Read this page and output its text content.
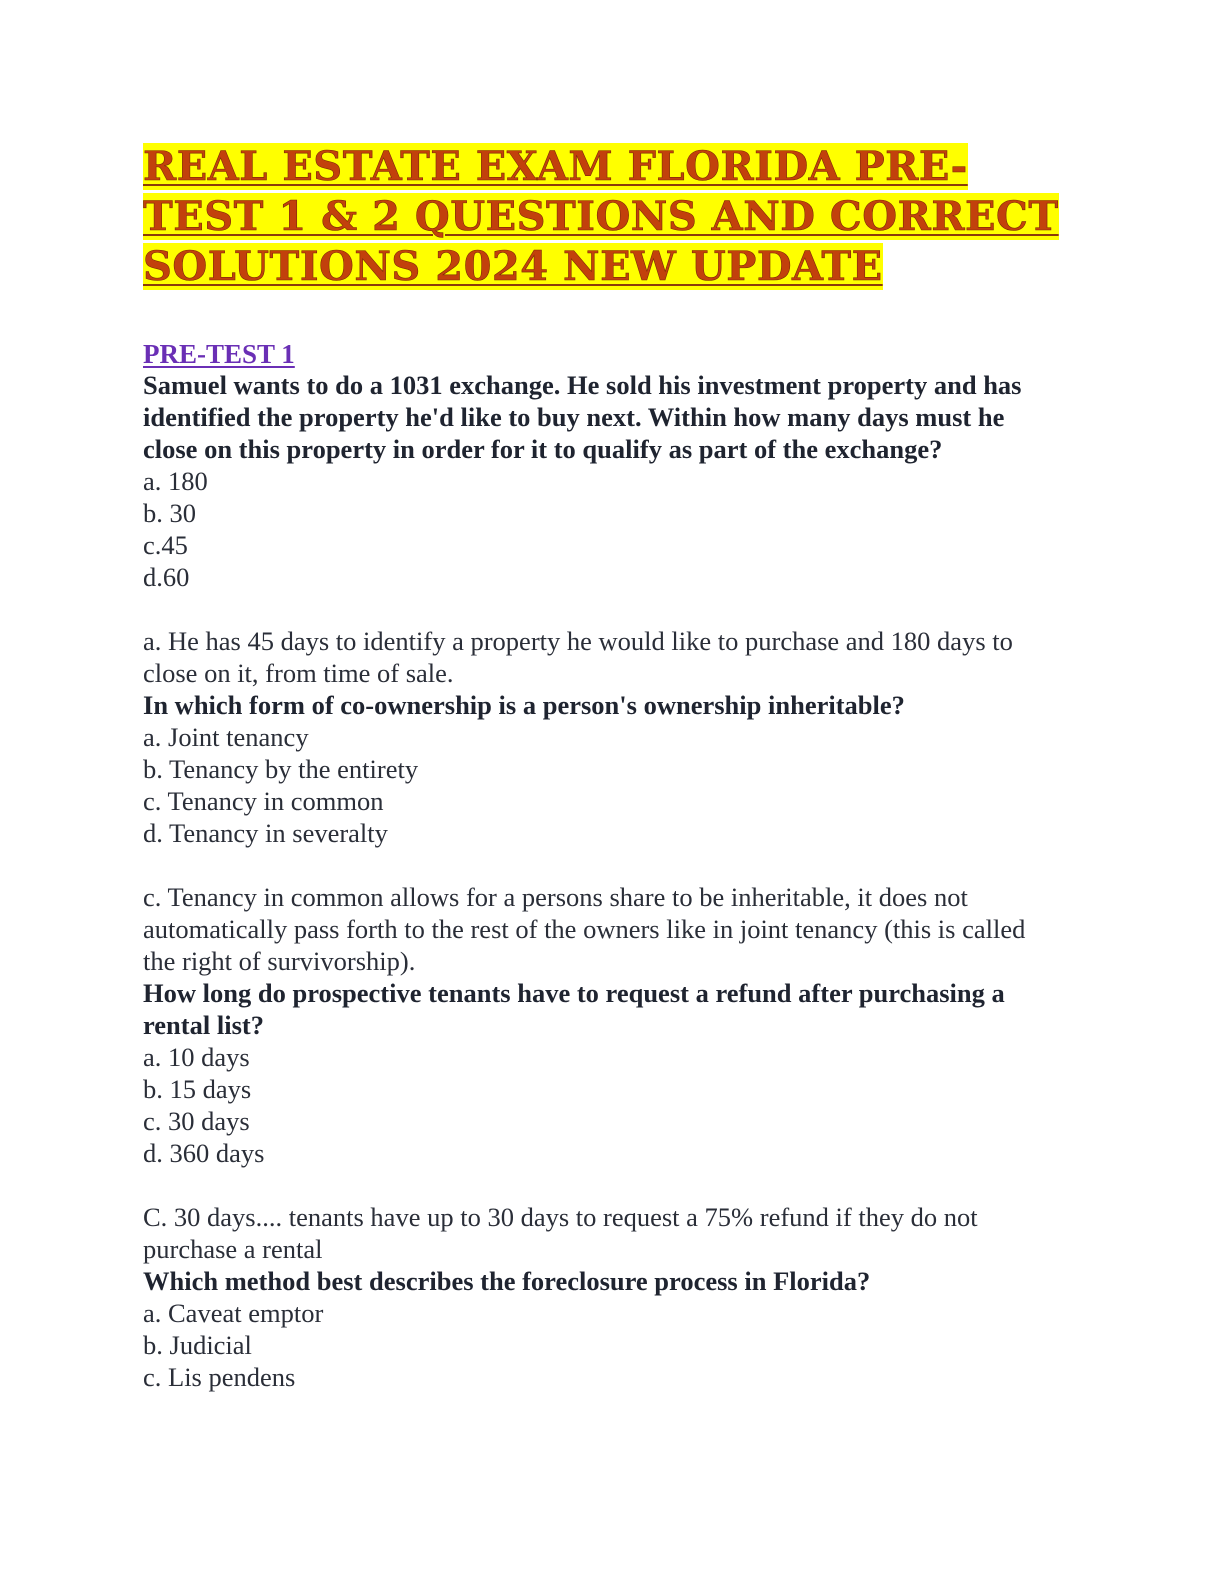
REAL ESTATE EXAM FLORIDA PRE-
TEST 1 & 2 QUESTIONS AND CORRECT
SOLUTIONS 2024 NEW UPDATE
PRE-TEST 1

Samuel wants to do a 1031 exchange. He sold his investment property and has
identified the property he'd like to buy next. Within how many days must he
close on this property in order for it to qualify as part of the exchange?

a. 180
b. 30
c.45
d.60

a. He has 45 days to identify a property he would like to purchase and 180 days to
close on it, from time of sale.

In which form of co-ownership is a person's ownership inheritable?

a. Joint tenancy
b. Tenancy by the entirety
c. Tenancy in common
d. Tenancy in severalty

c. Tenancy in common allows for a persons share to be inheritable, it does not
automatically pass forth to the rest of the owners like in joint tenancy (this is called
the right of survivorship).

How long do prospective tenants have to request a refund after purchasing a
rental list?

a. 10 days
b. 15 days
c. 30 days
d. 360 days

C. 30 days.... tenants have up to 30 days to request a 75% refund if they do not
purchase a rental

Which method best describes the foreclosure process in Florida?

a. Caveat emptor
b. Judicial
c. Lis pendens
